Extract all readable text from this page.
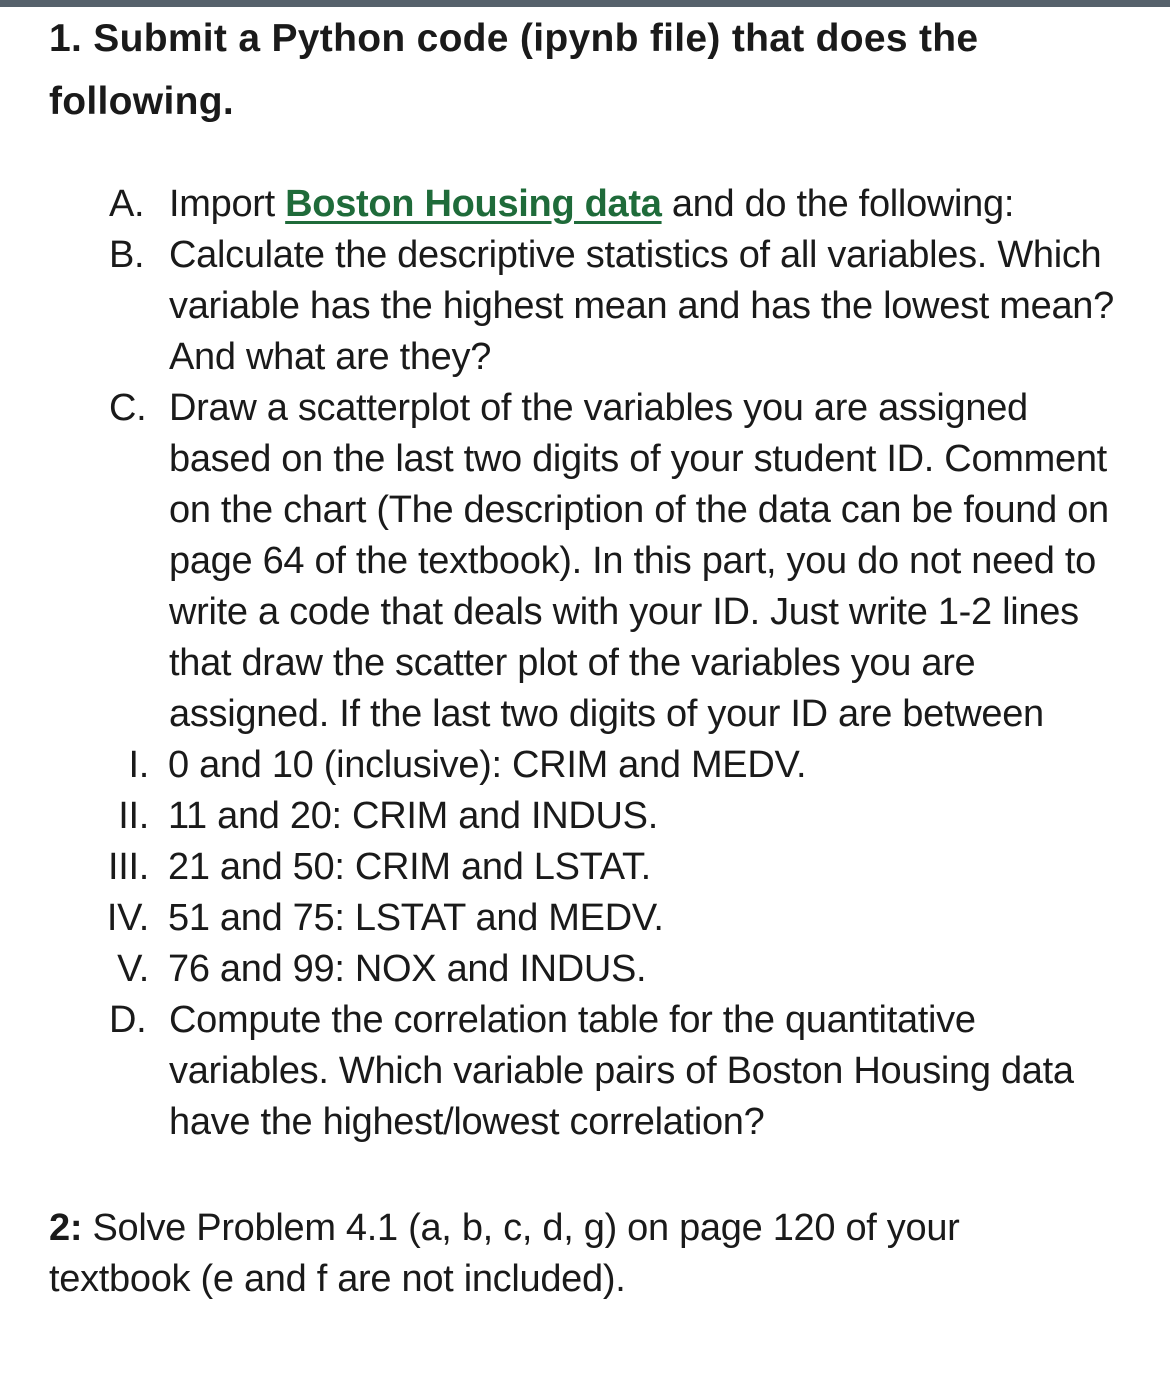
1. Submit a Python code (ipynb file) that does the following.
A. Import Boston Housing data and do the following:
B. Calculate the descriptive statistics of all variables. Which variable has the highest mean and has the lowest mean? And what are they?
C. Draw a scatterplot of the variables you are assigned based on the last two digits of your student ID. Comment on the chart (The description of the data can be found on page 64 of the textbook). In this part, you do not need to write a code that deals with your ID. Just write 1-2 lines that draw the scatter plot of the variables you are assigned. If the last two digits of your ID are between
I. 0 and 10 (inclusive): CRIM and MEDV.
II. 11 and 20: CRIM and INDUS.
III. 21 and 50: CRIM and LSTAT.
IV. 51 and 75: LSTAT and MEDV.
V. 76 and 99: NOX and INDUS.
D. Compute the correlation table for the quantitative variables. Which variable pairs of Boston Housing data have the highest/lowest correlation?
2: Solve Problem 4.1 (a, b, c, d, g) on page 120 of your
textbook (e and f are not included).
